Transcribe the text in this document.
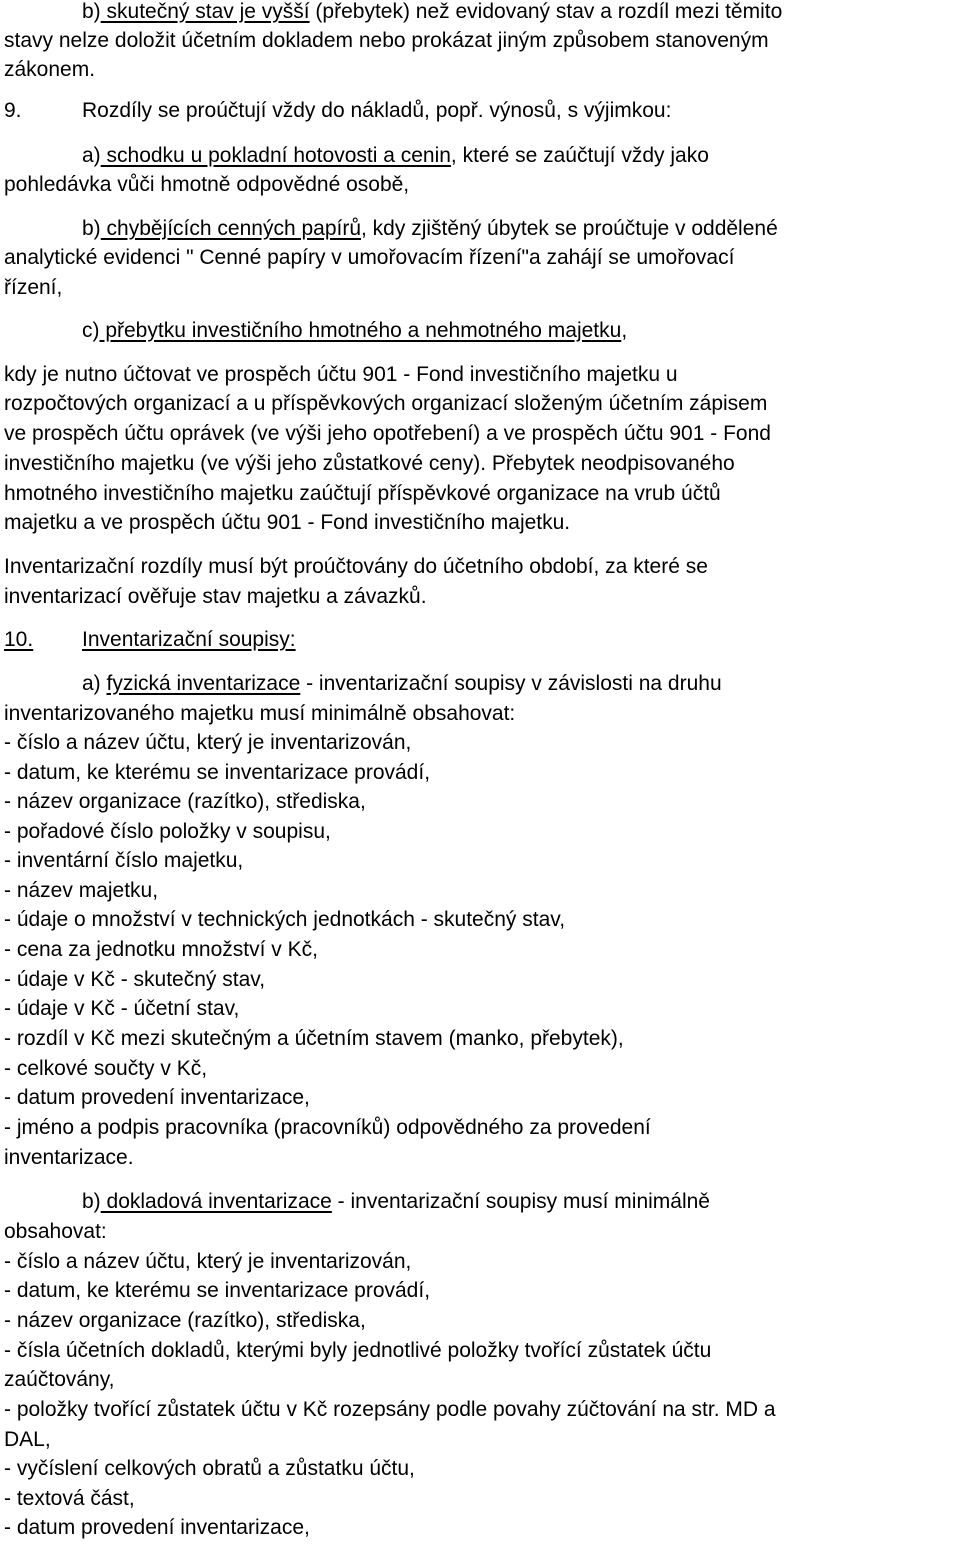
b) skutečný stav je vyšší (přebytek) než evidovaný stav a rozdíl mezi těmito
stavy nelze doložit účetním dokladem nebo prokázat jiným způsobem stanoveným
zákonem.
9.	Rozdíly se proúčtují vždy do nákladů, popř. výnosů, s výjimkou:
a) schodku u pokladní hotovosti a cenin, které se zaúčtují vždy jako
pohledávka vůči hmotně odpovědné osobě,
b) chybějících cenných papírů, kdy zjištěný úbytek se proúčtuje v oddělené
analytické evidenci " Cenné papíry v umořovacím řízení"a zahájí se umořovací
řízení,
c) přebytku investičního hmotného a nehmotného majetku,
kdy je nutno účtovat ve prospěch účtu 901 - Fond investičního majetku u
rozpočtových organizací a u příspěvkových organizací složeným účetním zápisem
ve prospěch účtu oprávek (ve výši jeho opotřebení) a ve prospěch účtu 901 - Fond
investičního majetku (ve výši jeho zůstatkové ceny). Přebytek neodpisovaného
hmotného investičního majetku zaúčtují příspěvkové organizace na vrub účtů
majetku a ve prospěch účtu 901 - Fond investičního majetku.
Inventarizační rozdíly musí být proúčtovány do účetního období, za které se
inventarizací ověřuje stav majetku a závazků.
10. Inventarizační soupisy:
a) fyzická inventarizace - inventarizační soupisy v závislosti na druhu
inventarizovaného majetku musí minimálně obsahovat:
- číslo a název účtu, který je inventarizován,
- datum, ke kterému se inventarizace provádí,
- název organizace (razítko), střediska,
- pořadové číslo položky v soupisu,
- inventární číslo majetku,
- název majetku,
- údaje o množství v technických jednotkách - skutečný stav,
- cena za jednotku množství v Kč,
- údaje v Kč - skutečný stav,
- údaje v Kč - účetní stav,
- rozdíl v Kč mezi skutečným a účetním stavem (manko, přebytek),
- celkové součty v Kč,
- datum provedení inventarizace,
- jméno a podpis pracovníka (pracovníků) odpovědného za provedení
inventarizace.
b) dokladová inventarizace - inventarizační soupisy musí minimálně
obsahovat:
- číslo a název účtu, který je inventarizován,
- datum, ke kterému se inventarizace provádí,
- název organizace (razítko), střediska,
- čísla účetních dokladů, kterými byly jednotlivé položky tvořící zůstatek účtu
zaúčtovány,
- položky tvořící zůstatek účtu v Kč rozepsány podle povahy zúčtování na str. MD a
DAL,
- vyčíslení celkových obratů a zůstatku účtu,
- textová část,
- datum provedení inventarizace,
